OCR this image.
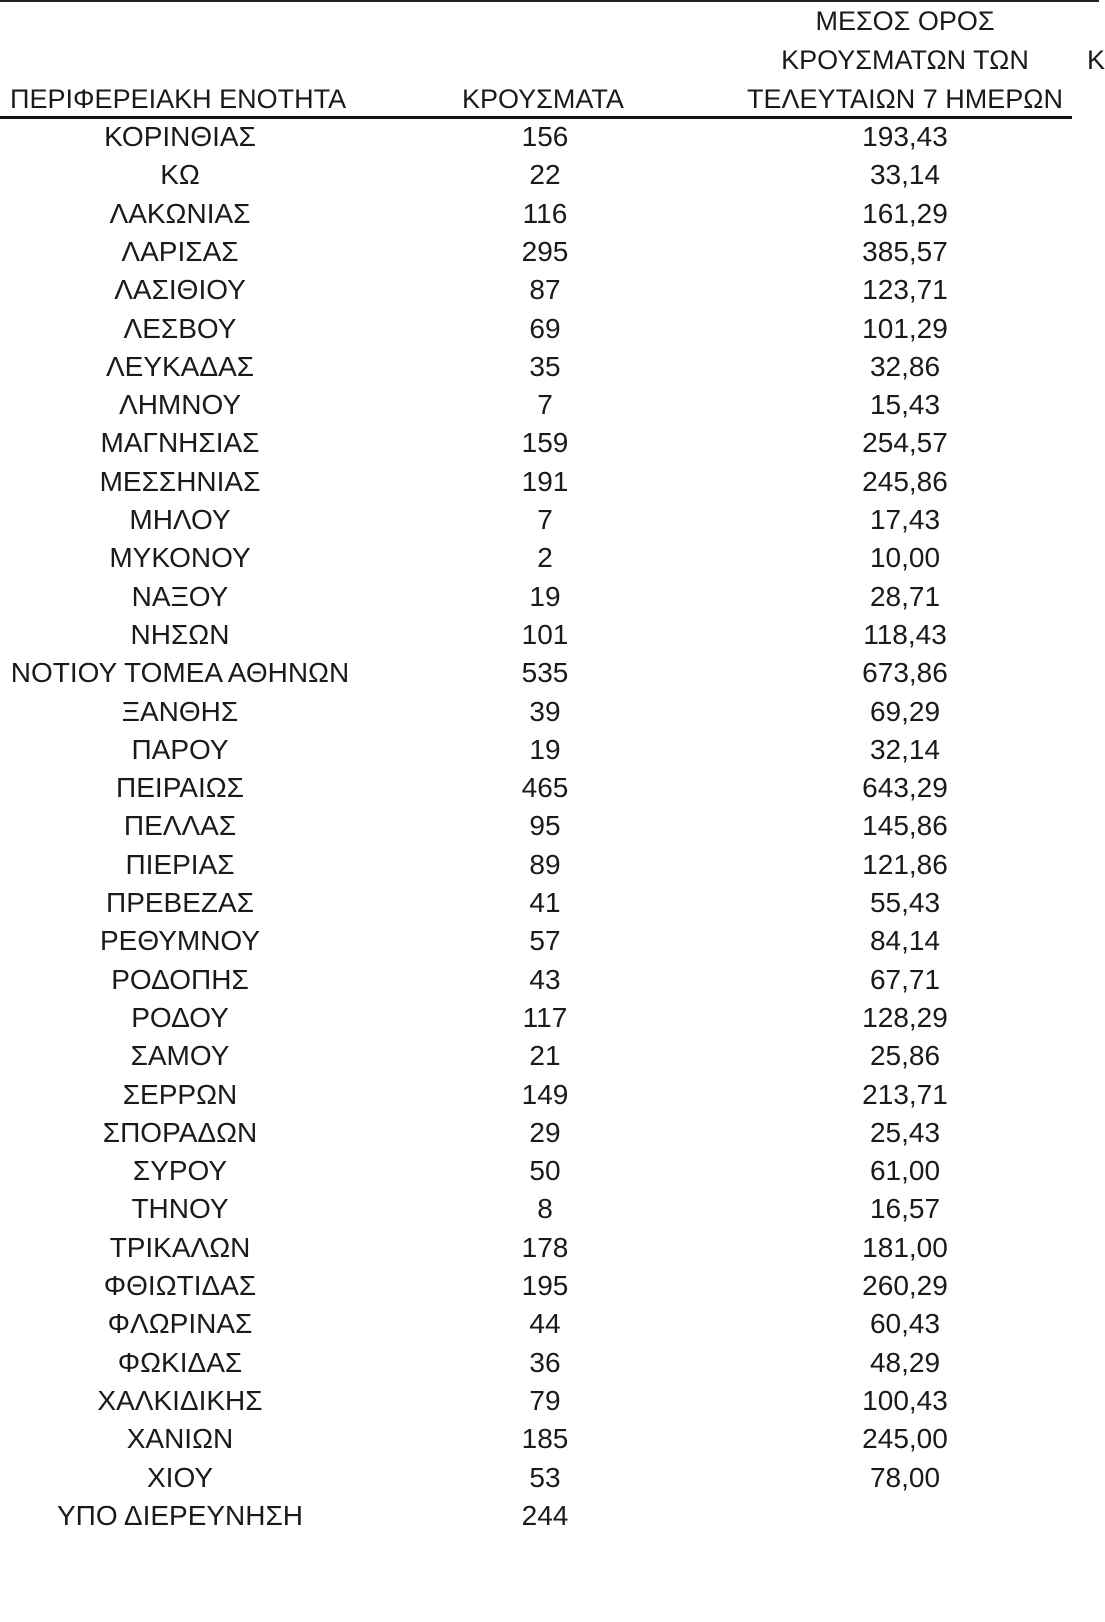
ΠΕΡΙΦΕΡΕΙΑΚΗ ΕΝΟΤΗΤΑ	ΚΡΟΥΣΜΑΤΑ
ΜΕΣΟΣ ΟΡΟΣ
ΚΡΟΥΣΜΑΤΩΝ ΤΩΝ
ΤΕΛΕΥΤΑΙΩΝ 7 ΗΜΕΡΩΝ
Κ
ΚΟΡΙΝΘΙΑΣ	156	193,43
ΚΩ	22	33,14
ΛΑΚΩΝΙΑΣ	116	161,29
ΛΑΡΙΣΑΣ	295	385,57
ΛΑΣΙΘΙΟΥ	87	123,71
ΛΕΣΒΟΥ	69	101,29
ΛΕΥΚΑΔΑΣ	35	32,86
ΛΗΜΝΟΥ	7	15,43
ΜΑΓΝΗΣΙΑΣ	159	254,57
ΜΕΣΣΗΝΙΑΣ	191	245,86
ΜΗΛΟΥ	7	17,43
ΜΥΚΟΝΟΥ	2	10,00
ΝΑΞΟΥ	19	28,71
ΝΗΣΩΝ	101	118,43
ΝΟΤΙΟΥ ΤΟΜΕΑ ΑΘΗΝΩΝ	535	673,86
ΞΑΝΘΗΣ	39	69,29
ΠΑΡΟΥ	19	32,14
ΠΕΙΡΑΙΩΣ	465	643,29
ΠΕΛΛΑΣ	95	145,86
ΠΙΕΡΙΑΣ	89	121,86
ΠΡΕΒΕΖΑΣ	41	55,43
ΡΕΘΥΜΝΟΥ	57	84,14
ΡΟΔΟΠΗΣ	43	67,71
ΡΟΔΟΥ	117	128,29
ΣΑΜΟΥ	21	25,86
ΣΕΡΡΩΝ	149	213,71
ΣΠΟΡΑΔΩΝ	29	25,43
ΣΥΡΟΥ	50	61,00
ΤΗΝΟΥ	8	16,57
ΤΡΙΚΑΛΩΝ	178	181,00
ΦΘΙΩΤΙΔΑΣ	195	260,29
ΦΛΩΡΙΝΑΣ	44	60,43
ΦΩΚΙΔΑΣ	36	48,29
ΧΑΛΚΙΔΙΚΗΣ	79	100,43
ΧΑΝΙΩΝ	185	245,00
ΧΙΟΥ	53	78,00
ΥΠΟ ΔΙΕΡΕΥΝΗΣΗ	244
